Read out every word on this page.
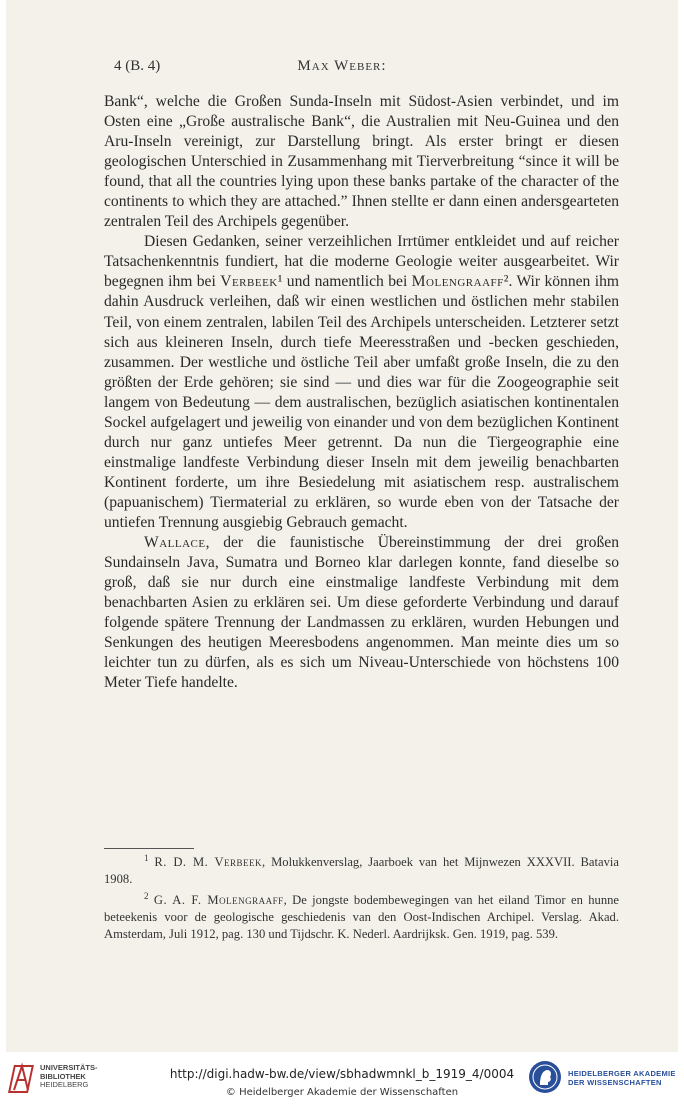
4 (B. 4)	Max Weber:

Bank“, welche die Großen Sunda-Inseln mit Südost-Asien verbindet, und im Osten eine „Große australische Bank“, die Australien mit Neu-Guinea und den Aru-Inseln vereinigt, zur Darstellung bringt. Als erster bringt er diesen geologischen Unterschied in Zusammenhang mit Tierverbreitung “since it will be found, that all the countries lying upon these banks partake of the character of the continents to which they are attached.” Ihnen stellte er dann einen andersgearteten zentralen Teil des Archipels gegenüber.

Diesen Gedanken, seiner verzeihlichen Irrtümer entkleidet und auf reicher Tatsachenkenntnis fundiert, hat die moderne Geologie weiter ausgearbeitet. Wir begegnen ihm bei Verbeek¹ und namentlich bei Molengraaff². Wir können ihm dahin Ausdruck verleihen, daß wir einen westlichen und östlichen mehr stabilen Teil, von einem zentralen, labilen Teil des Archipels unterscheiden. Letzterer setzt sich aus kleineren Inseln, durch tiefe Meeresstraßen und -becken geschieden, zusammen. Der westliche und östliche Teil aber umfaßt große Inseln, die zu den größten der Erde gehören; sie sind — und dies war für die Zoogeographie seit langem von Bedeutung — dem australischen, bezüglich asiatischen kontinentalen Sockel aufgelagert und jeweilig von einander und von dem bezüglichen Kontinent durch nur ganz untiefes Meer getrennt. Da nun die Tiergeographie eine einstmalige landfeste Verbindung dieser Inseln mit dem jeweilig benachbarten Kontinent forderte, um ihre Besiedelung mit asiatischem resp. australischem (papuanischem) Tiermaterial zu erklären, so wurde eben von der Tatsache der untiefen Trennung ausgiebig Gebrauch gemacht.

Wallace, der die faunistische Übereinstimmung der drei großen Sundainseln Java, Sumatra und Borneo klar darlegen konnte, fand dieselbe so groß, daß sie nur durch eine einstmalige landfeste Verbindung mit dem benachbarten Asien zu erklären sei. Um diese geforderte Verbindung und darauf folgende spätere Trennung der Landmassen zu erklären, wurden Hebungen und Senkungen des heutigen Meeresbodens angenommen. Man meinte dies um so leichter tun zu dürfen, als es sich um Niveau-Unterschiede von höchstens 100 Meter Tiefe handelte.

$^1$ R. D. M. Verbeek, Molukkenverslag, Jaarboek van het Mijnwezen XXXVII. Batavia 1908.

$^2$ G. A. F. Molengraaff, De jongste bodembewegingen van het eiland Timor en hunne beteekenis voor de geologische geschiedenis van den Oost-Indischen Archipel. Verslag. Akad. Amsterdam, Juli 1912, pag. 130 und Tijdschr. K. Nederl. Aardrijksk. Gen. 1919, pag. 539.

UNIVERSITÄTS-
BIBLIOTHEK
HEIDELBERG
http://digi.hadw-bw.de/view/sbhadwmnkl_b_1919_4/0004
© Heidelberger Akademie der Wissenschaften
HEIDELBERGER AKADEMIE
DER WISSENSCHAFTEN
